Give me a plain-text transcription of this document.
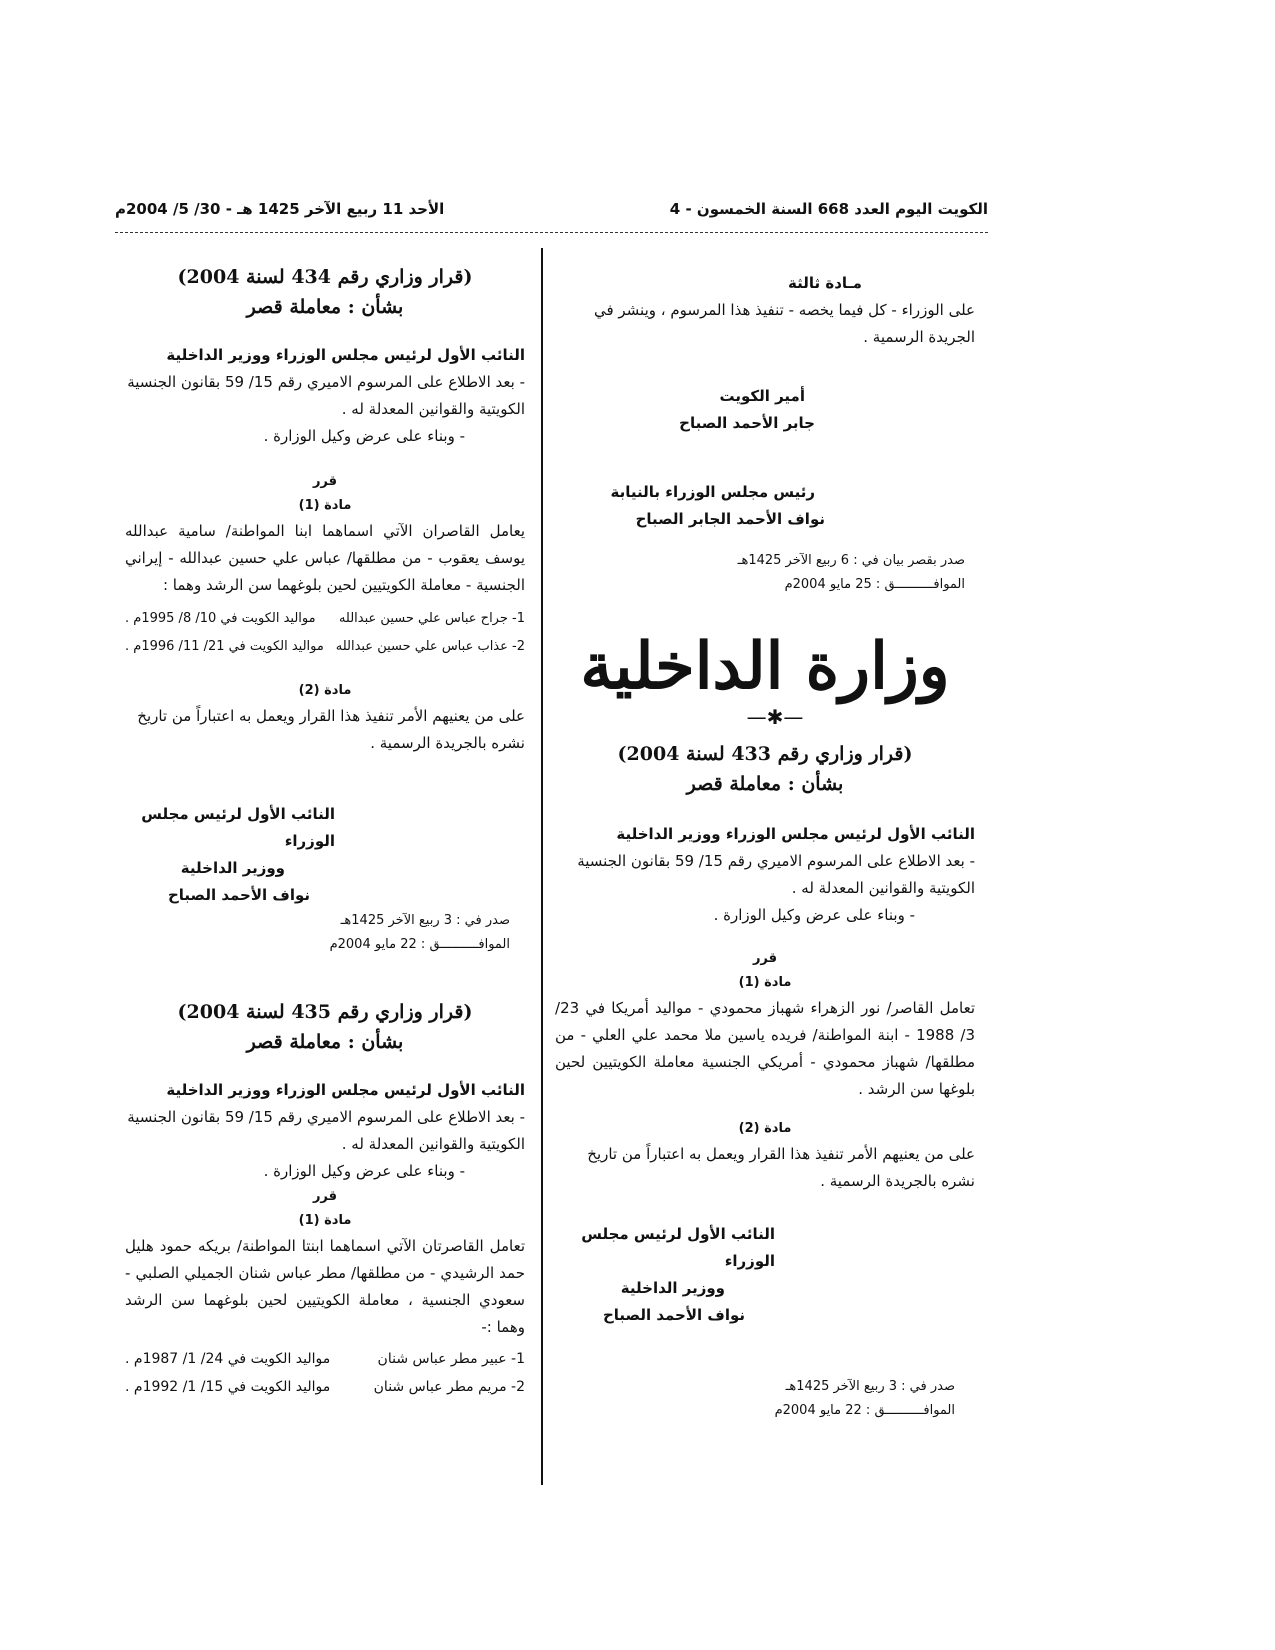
الكويت اليوم العدد 668 السنة الخمسون - 4
الأحد 11 ربيع الآخر 1425 هـ - 30/ 5/ 2004م

مـادة ثالثة

على الوزراء - كل فيما يخصه - تنفيذ هذا المرسوم ، وينشر في الجريدة الرسمية .

أمير الكويت

جابر الأحمد الصباح

رئيس مجلس الوزراء بالنيابة

نواف الأحمد الجابر الصباح

صدر بقصر بيان في : 6 ربيع الآخر 1425هـ

الموافــــــــــق : 25 مايو 2004م

وزارة الداخلية
—✱—
(قرار وزاري رقم 433 لسنة 2004)
بشأن : معاملة قصر

النائب الأول لرئيس مجلس الوزراء ووزير الداخلية

- بعد الاطلاع على المرسوم الاميري رقم 15/ 59 بقانون الجنسية الكويتية والقوانين المعدلة له .

- وبناء على عرض وكيل الوزارة .

قرر

مادة (1)

تعامل القاصر/ نور الزهراء شهباز محمودي - مواليد أمريكا في 23/ 3/ 1988 - ابنة المواطنة/ فريده ياسين ملا محمد علي العلي - من مطلقها/ شهباز محمودي - أمريكي الجنسية معاملة الكويتيين لحين بلوغها سن الرشد .

مادة (2)

على من يعنيهم الأمر تنفيذ هذا القرار ويعمل به اعتباراً من تاريخ نشره بالجريدة الرسمية .

النائب الأول لرئيس مجلس الوزراء

ووزير الداخلية

نواف الأحمد الصباح

صدر في : 3 ربيع الآخر 1425هـ

الموافــــــــــق : 22 مايو 2004م

(قرار وزاري رقم 434 لسنة 2004)
بشأن : معاملة قصر

النائب الأول لرئيس مجلس الوزراء ووزير الداخلية

- بعد الاطلاع على المرسوم الاميري رقم 15/ 59 بقانون الجنسية الكويتية والقوانين المعدلة له .

- وبناء على عرض وكيل الوزارة .

قرر

مادة (1)

يعامل القاصران الآتي اسماهما ابنا المواطنة/ سامية عبدالله يوسف يعقوب - من مطلقها/ عباس علي حسين عبدالله - إيراني الجنسية - معاملة الكويتيين لحين بلوغهما سن الرشد وهما :

1- جراح عباس علي حسين عبدالله
مواليد الكويت في 10/ 8/ 1995م .
2- عذاب عباس علي حسين عبدالله
مواليد الكويت في 21/ 11/ 1996م .

مادة (2)

على من يعنيهم الأمر تنفيذ هذا القرار ويعمل به اعتباراً من تاريخ نشره بالجريدة الرسمية .

النائب الأول لرئيس مجلس الوزراء

ووزير الداخلية

نواف الأحمد الصباح

صدر في : 3 ربيع الآخر 1425هـ

الموافــــــــــق : 22 مايو 2004م

(قرار وزاري رقم 435 لسنة 2004)
بشأن : معاملة قصر

النائب الأول لرئيس مجلس الوزراء ووزير الداخلية

- بعد الاطلاع على المرسوم الاميري رقم 15/ 59 بقانون الجنسية الكويتية والقوانين المعدلة له .

- وبناء على عرض وكيل الوزارة .

قرر

مادة (1)

تعامل القاصرتان الآتي اسماهما ابنتا المواطنة/ بريكه حمود هليل حمد الرشيدي - من مطلقها/ مطر عباس شنان الجميلي الصلبي - سعودي الجنسية ، معاملة الكويتيين لحين بلوغهما سن الرشد وهما :-

1- عبير مطر عباس شنان
مواليد الكويت في 24/ 1/ 1987م .
2- مريم مطر عباس شنان
مواليد الكويت في 15/ 1/ 1992م .
